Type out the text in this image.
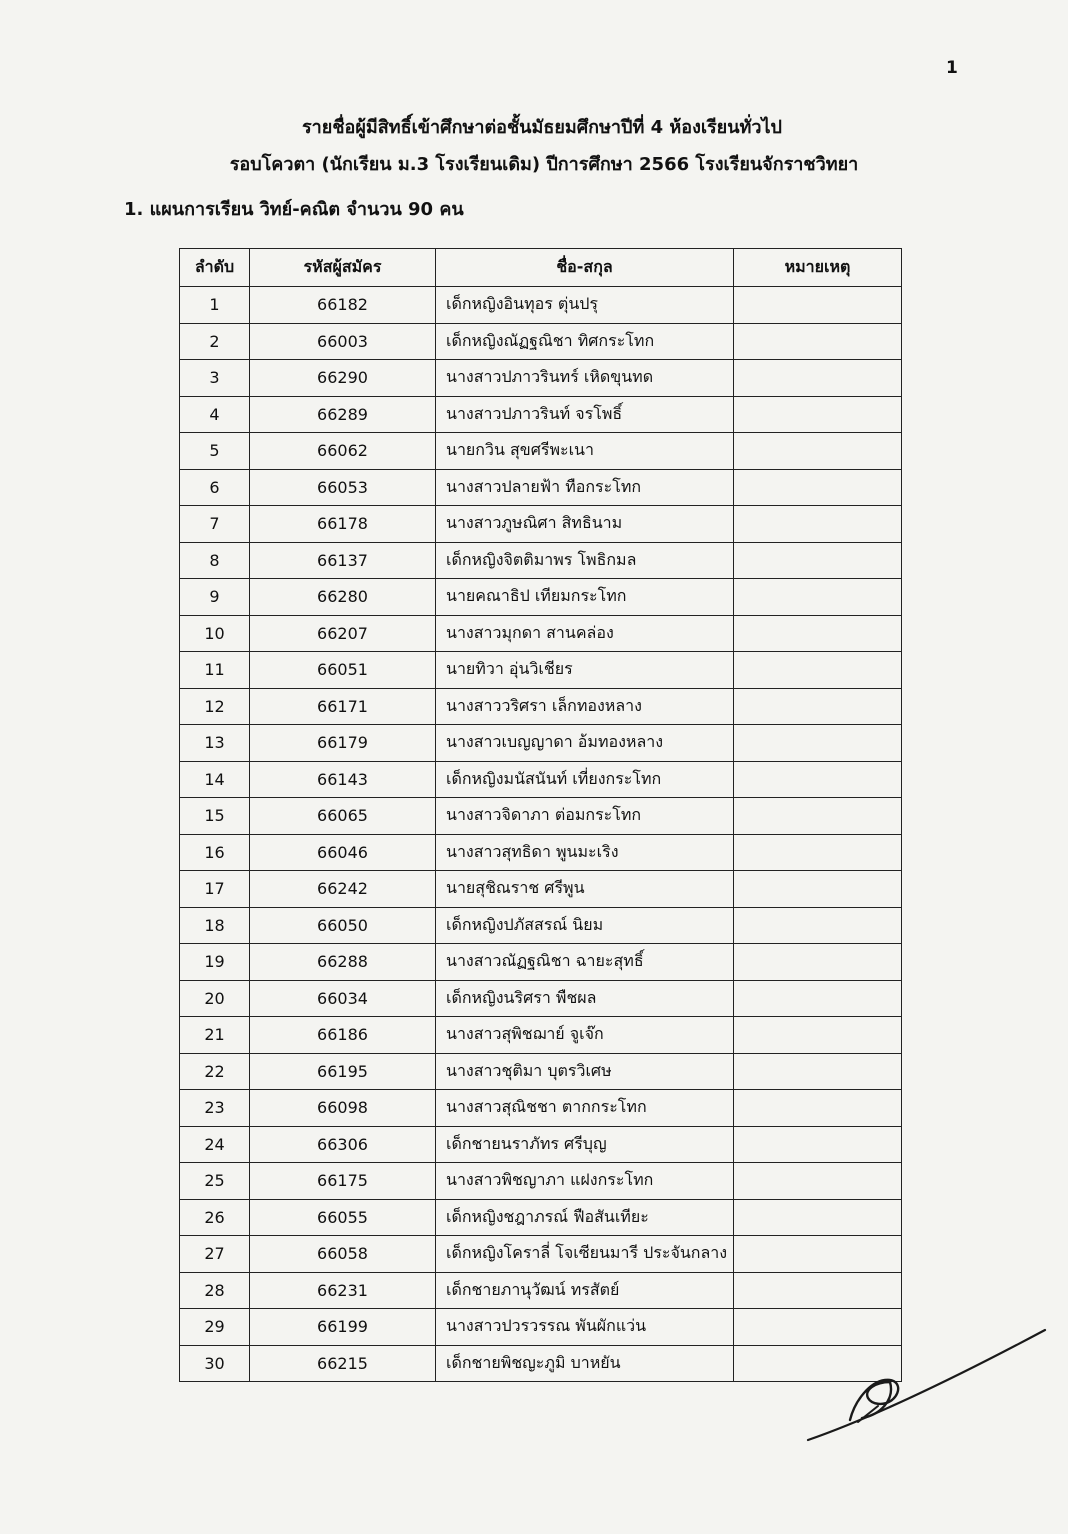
1
รายชื่อผู้มีสิทธิ์เข้าศึกษาต่อชั้นมัธยมศึกษาปีที่ 4 ห้องเรียนทั่วไป
รอบโควตา (นักเรียน ม.3 โรงเรียนเดิม) ปีการศึกษา 2566 โรงเรียนจักราชวิทยา
1. แผนการเรียน วิทย์-คณิต จำนวน 90 คน
ลำดับ	รหัสผู้สมัคร	ชื่อ-สกุล	หมายเหตุ
1	66182	เด็กหญิงอินทุอร ตุ่นปรุ	
2	66003	เด็กหญิงณัฏฐณิชา ทิศกระโทก	
3	66290	นางสาวปภาวรินทร์ เหิดขุนทด	
4	66289	นางสาวปภาวรินท์ จรโพธิ์	
5	66062	นายกวิน สุขศรีพะเนา	
6	66053	นางสาวปลายฟ้า ทือกระโทก	
7	66178	นางสาวภูษณิศา สิทธินาม	
8	66137	เด็กหญิงจิตติมาพร โพธิกมล	
9	66280	นายคณาธิป เทียมกระโทก	
10	66207	นางสาวมุกดา สานคล่อง	
11	66051	นายทิวา อุ่นวิเชียร	
12	66171	นางสาววริศรา เล็กทองหลาง	
13	66179	นางสาวเบญญาดา อ้มทองหลาง	
14	66143	เด็กหญิงมนัสนันท์ เที่ยงกระโทก	
15	66065	นางสาวจิดาภา ต่อมกระโทก	
16	66046	นางสาวสุทธิดา พูนมะเริง	
17	66242	นายสุชิณราช ศรีพูน	
18	66050	เด็กหญิงปภัสสรณ์ นิยม	
19	66288	นางสาวณัฏฐณิชา ฉายะสุทธิ์	
20	66034	เด็กหญิงนริศรา พืชผล	
21	66186	นางสาวสุพิชฌาย์ จูเจ๊ก	
22	66195	นางสาวชุติมา บุตรวิเศษ	
23	66098	นางสาวสุณิชชา ตากกระโทก	
24	66306	เด็กชายนราภัทร ศรีบุญ	
25	66175	นางสาวพิชญาภา แฝงกระโทก	
26	66055	เด็กหญิงชฎาภรณ์ ฟือสันเทียะ	
27	66058	เด็กหญิงโคราลี่ โจเซียนมารี ประจันกลาง	
28	66231	เด็กชายภานุวัฒน์ ทรสัตย์	
29	66199	นางสาวปวรวรรณ พันผักแว่น	
30	66215	เด็กชายพิชญะภูมิ บาหยัน	
